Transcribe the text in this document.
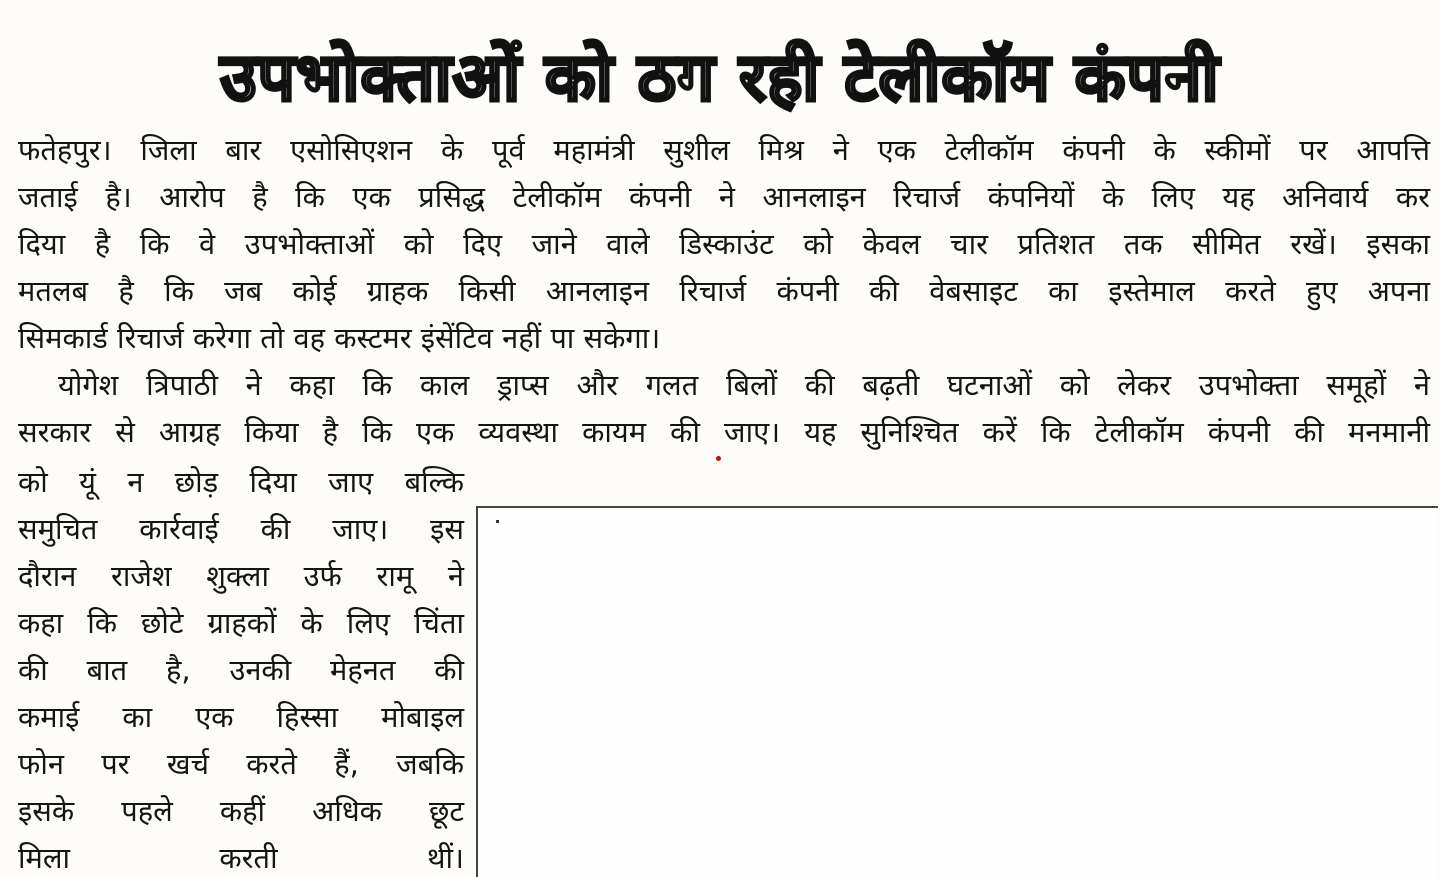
उपभोक्ताओं को ठग रही टेलीकॉम कंपनी
फतेहपुर। जिला बार एसोसिएशन के पूर्व महामंत्री सुशील मिश्र ने एक टेलीकॉम कंपनी के स्कीमों पर आपत्ति
जताई है। आरोप है कि एक प्रसिद्ध टेलीकॉम कंपनी ने आनलाइन रिचार्ज कंपनियों के लिए यह अनिवार्य कर
दिया है कि वे उपभोक्ताओं को दिए जाने वाले डिस्काउंट को केवल चार प्रतिशत तक सीमित रखें। इसका
मतलब है कि जब कोई ग्राहक किसी आनलाइन रिचार्ज कंपनी की वेबसाइट का इस्तेमाल करते हुए अपना
सिमकार्ड रिचार्ज करेगा तो वह कस्टमर इंसेंटिव नहीं पा सकेगा।
योगेश त्रिपाठी ने कहा कि काल ड्राप्स और गलत बिलों की बढ़ती घटनाओं को लेकर उपभोक्ता समूहों ने
सरकार से आग्रह किया है कि एक व्यवस्था कायम की जाए। यह सुनिश्चित करें कि टेलीकॉम कंपनी की मनमानी
को यूं न छोड़ दिया जाए बल्कि
समुचित कार्रवाई की जाए। इस
दौरान राजेश शुक्ला उर्फ रामू ने
कहा कि छोटे ग्राहकों के लिए चिंता
की बात है, उनकी मेहनत की
कमाई का एक हिस्सा मोबाइल
फोन पर खर्च करते हैं, जबकि
इसके पहले कहीं अधिक छूट
मिला करती थीं।
